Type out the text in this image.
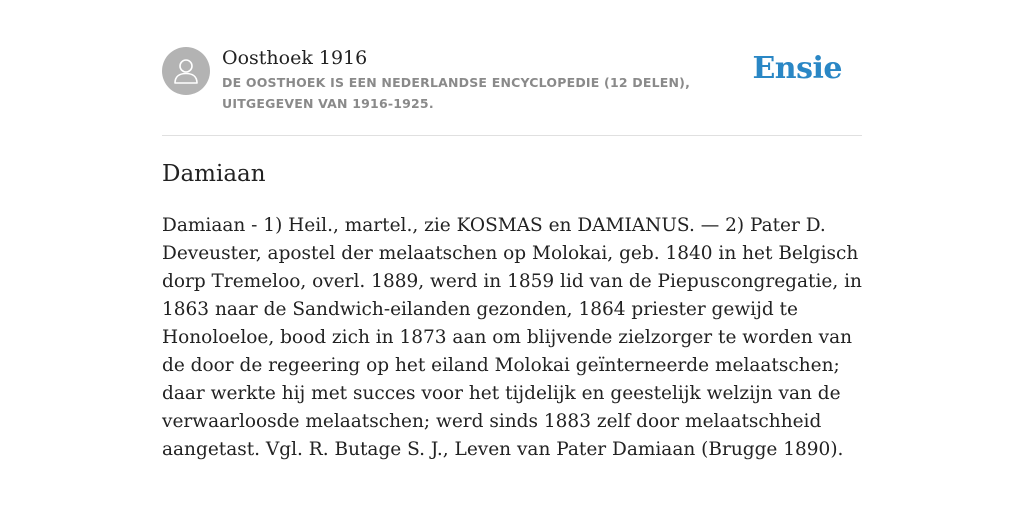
Oosthoek 1916
DE OOSTHOEK IS EEN NEDERLANDSE ENCYCLOPEDIE (12 DELEN), UITGEGEVEN VAN 1916-1925.
Ensie
Damiaan

Damiaan - 1) Heil., martel., zie KOSMAS en DAMIANUS. — 2) Pater D. Deveuster, apostel der melaatschen op Molokai, geb. 1840 in het Belgisch dorp Tremeloo, overl. 1889, werd in 1859 lid van de Piepuscongregatie, in 1863 naar de Sandwich-eilanden gezonden, 1864 priester gewijd te Honoloeloe, bood zich in 1873 aan om blijvende zielzorger te worden van de door de regeering op het eiland Molokai geïnterneerde melaatschen; daar werkte hij met succes voor het tijdelijk en geestelijk welzijn van de verwaarloosde melaatschen; werd sinds 1883 zelf door melaatschheid aangetast. Vgl. R. Butage S. J., Leven van Pater Damiaan (Brugge 1890).
